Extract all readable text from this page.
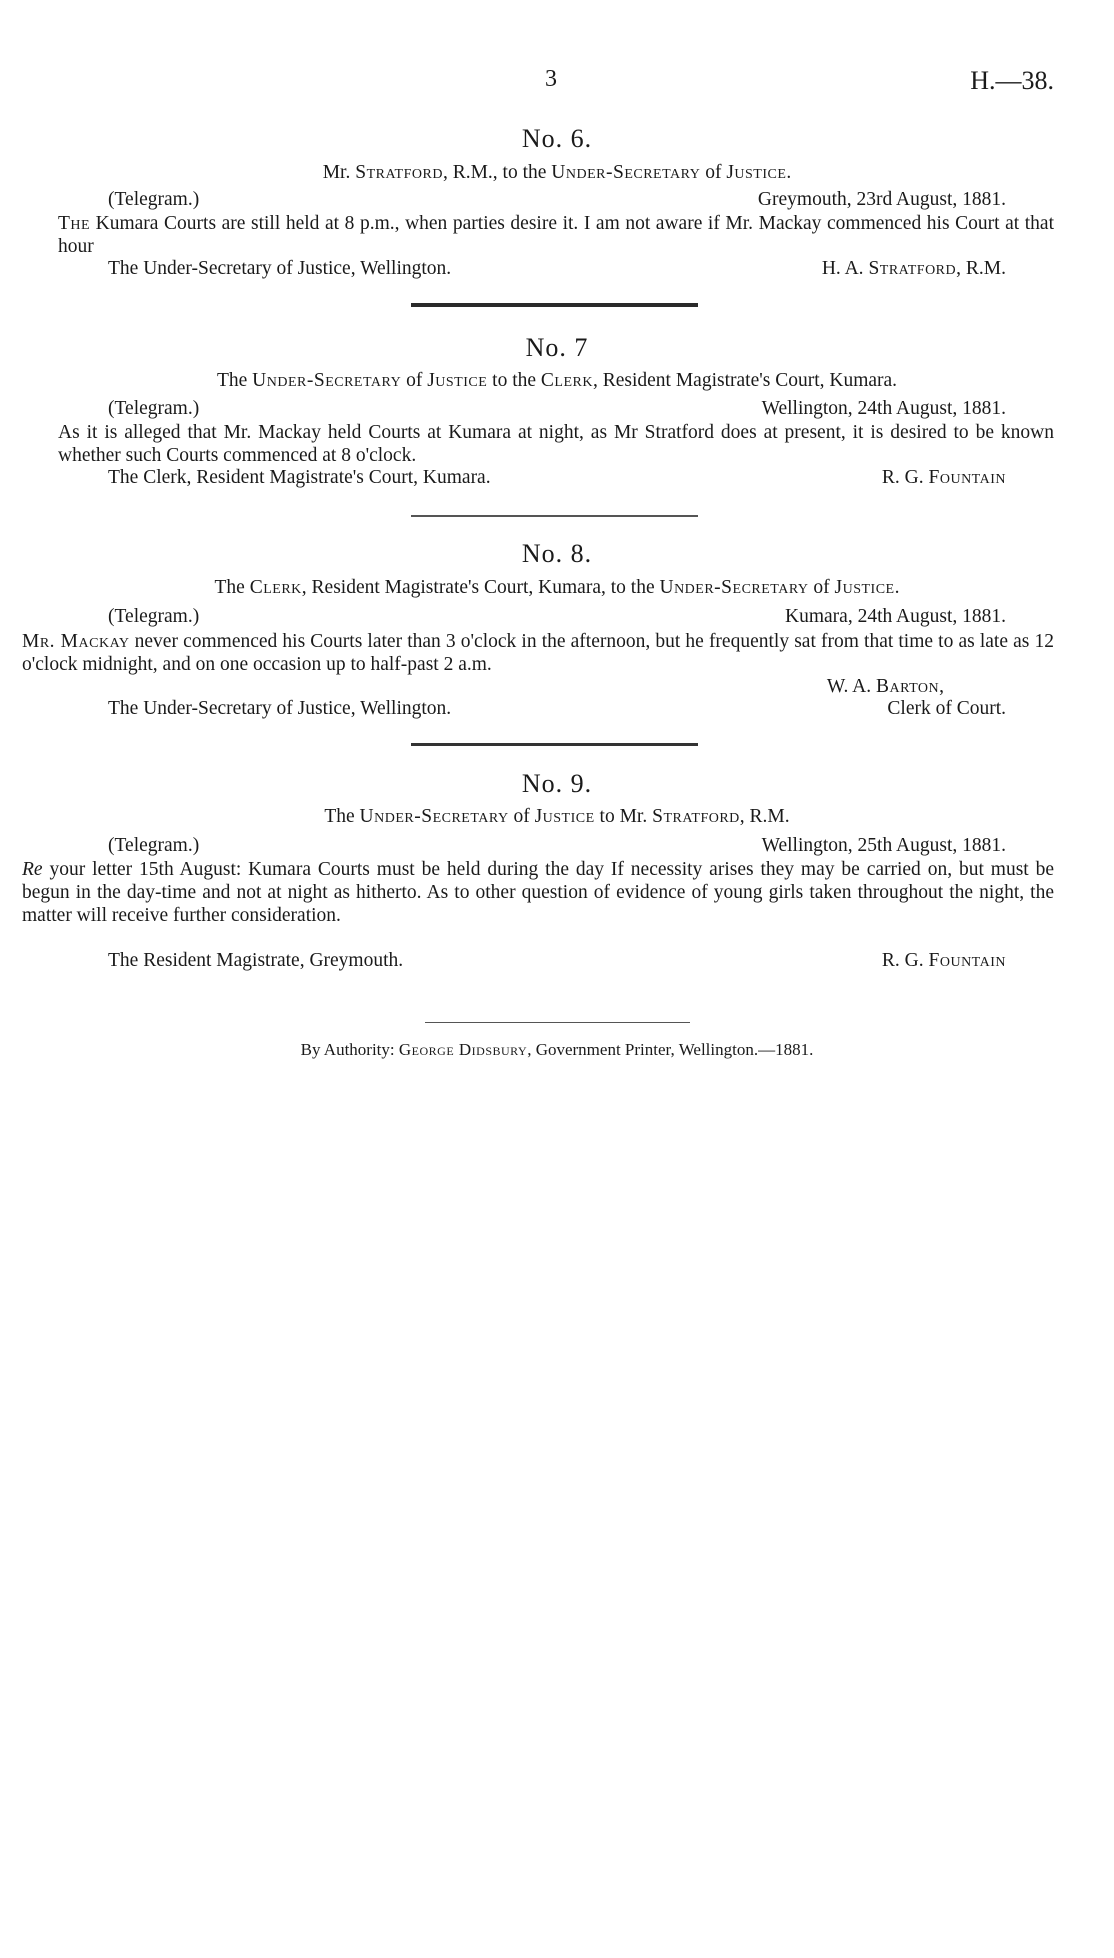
3	H.—38.
No. 6.
Mr. Stratford, R.M., to the Under-Secretary of Justice.
(Telegram.)	Greymouth, 23rd August, 1881.
The Kumara Courts are still held at 8 p.m., when parties desire it. I am not aware if Mr. Mackay commenced his Court at that hour
The Under-Secretary of Justice, Wellington.	H. A. Stratford, R.M.
No. 7
The Under-Secretary of Justice to the Clerk, Resident Magistrate's Court, Kumara.
(Telegram.)	Wellington, 24th August, 1881.
As it is alleged that Mr. Mackay held Courts at Kumara at night, as Mr Stratford does at present, it is desired to be known whether such Courts commenced at 8 o'clock.
The Clerk, Resident Magistrate's Court, Kumara.	R. G. Fountain
No. 8.
The Clerk, Resident Magistrate's Court, Kumara, to the Under-Secretary of Justice.
(Telegram.)	Kumara, 24th August, 1881.
Mr. Mackay never commenced his Courts later than 3 o'clock in the afternoon, but he frequently sat from that time to as late as 12 o'clock midnight, and on one occasion up to half-past 2 a.m.
W. A. Barton,
The Under-Secretary of Justice, Wellington.	Clerk of Court.
No. 9.
The Under-Secretary of Justice to Mr. Stratford, R.M.
(Telegram.)	Wellington, 25th August, 1881.
Re your letter 15th August: Kumara Courts must be held during the day If necessity arises they may be carried on, but must be begun in the day-time and not at night as hitherto. As to other question of evidence of young girls taken throughout the night, the matter will receive further consideration.
The Resident Magistrate, Greymouth.	R. G. Fountain
By Authority: George Didsbury, Government Printer, Wellington.—1881.
